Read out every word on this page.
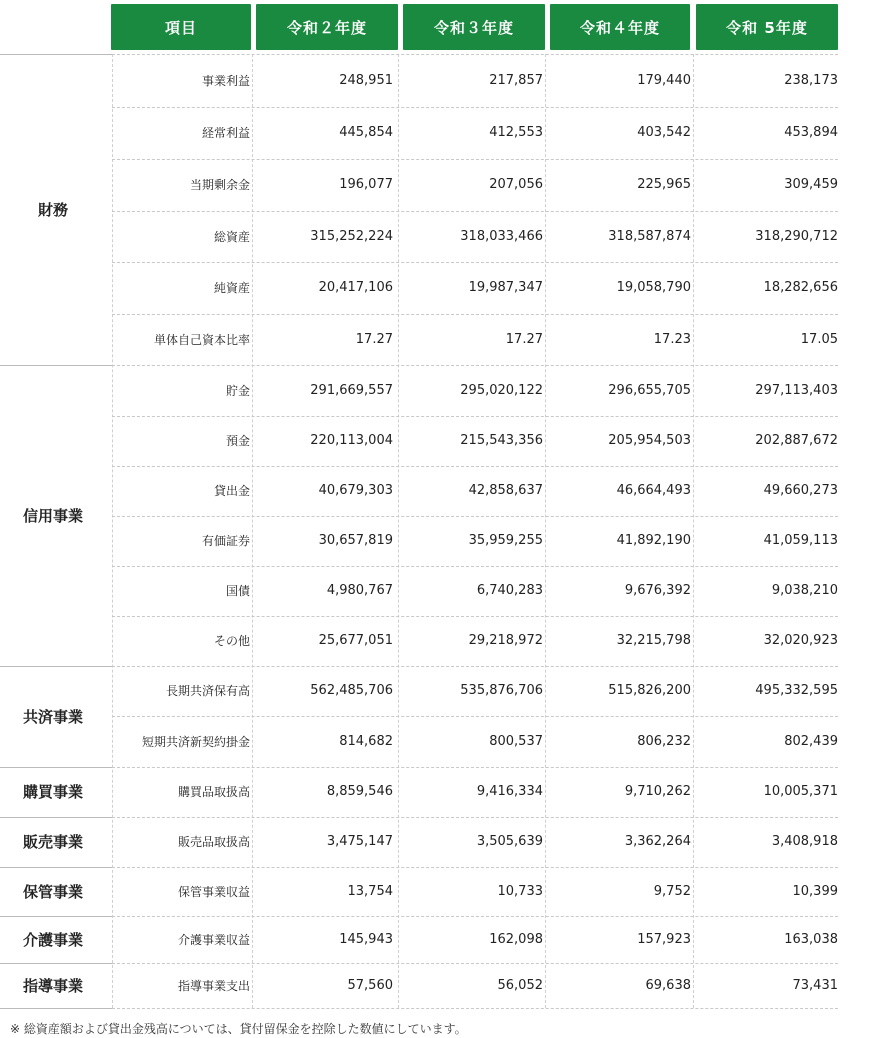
項目	令和２年度	令和３年度	令和４年度	令和 5年度
財務
事業利益	248,951	217,857	179,440	238,173
経常利益	445,854	412,553	403,542	453,894
当期剰余金	196,077	207,056	225,965	309,459
総資産	315,252,224	318,033,466	318,587,874	318,290,712
純資産	20,417,106	19,987,347	19,058,790	18,282,656
単体自己資本比率	17.27	17.27	17.23	17.05
信用事業
貯金	291,669,557	295,020,122	296,655,705	297,113,403
預金	220,113,004	215,543,356	205,954,503	202,887,672
貸出金	40,679,303	42,858,637	46,664,493	49,660,273
有価証券	30,657,819	35,959,255	41,892,190	41,059,113
国債	4,980,767	6,740,283	9,676,392	9,038,210
その他	25,677,051	29,218,972	32,215,798	32,020,923
共済事業
長期共済保有高	562,485,706	535,876,706	515,826,200	495,332,595
短期共済新契約掛金	814,682	800,537	806,232	802,439
購買事業	購買品取扱高	8,859,546	9,416,334	9,710,262	10,005,371
販売事業	販売品取扱高	3,475,147	3,505,639	3,362,264	3,408,918
保管事業	保管事業収益	13,754	10,733	9,752	10,399
介護事業	介護事業収益	145,943	162,098	157,923	163,038
指導事業	指導事業支出	57,560	56,052	69,638	73,431
※ 総資産額および貸出金残高については、貸付留保金を控除した数値にしています。
